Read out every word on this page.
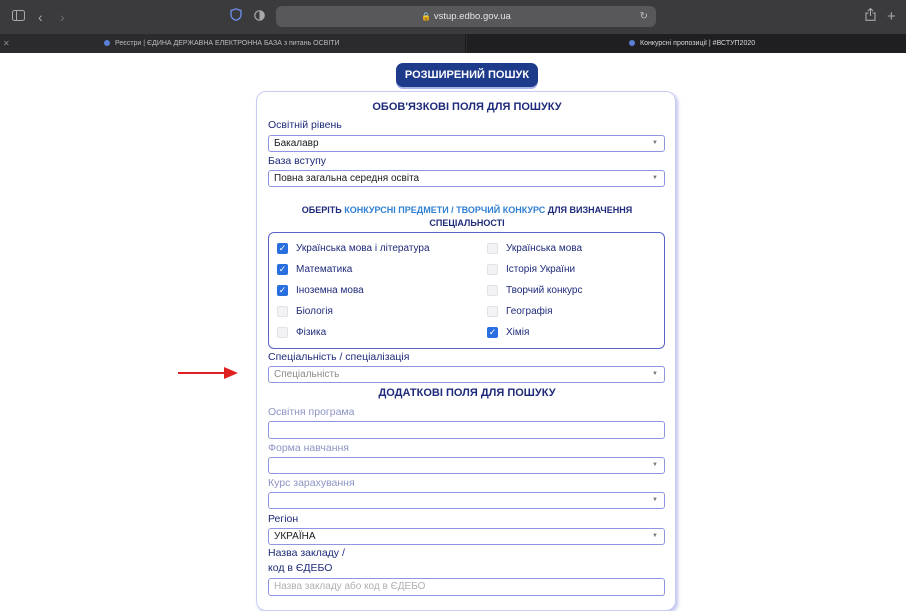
‹ ›	🔒 vstup.edbo.gov.ua	↻	+
✕	Реєстри | ЄДИНА ДЕРЖАВНА ЕЛЕКТРОННА БАЗА з питань ОСВІТИ	Конкурсні пропозиції | #ВСТУП2020
РОЗШИРЕНИЙ ПОШУК
ОБОВ'ЯЗКОВІ ПОЛЯ ДЛЯ ПОШУКУ
Освітній рівень
Бакалавр	▼
База вступу
Повна загальна середня освіта	▼
ОБЕРІТЬ КОНКУРСНІ ПРЕДМЕТИ / ТВОРЧИЙ КОНКУРС ДЛЯ ВИЗНАЧЕННЯ СПЕЦІАЛЬНОСТІ
✓ Українська мова і література	Українська мова
✓ Математика	Історія України
✓ Іноземна мова	Творчий конкурс
Біологія	Географія
Фізика	✓ Хімія
Спеціальність / спеціалізація
Спеціальність	▼
ДОДАТКОВІ ПОЛЯ ДЛЯ ПОШУКУ
Освітня програма
Форма навчання
▼
Курс зарахування
▼
Регіон
УКРАЇНА	▼
Назва закладу /
код в ЄДЕБО
Назва закладу або код в ЄДЕБО
